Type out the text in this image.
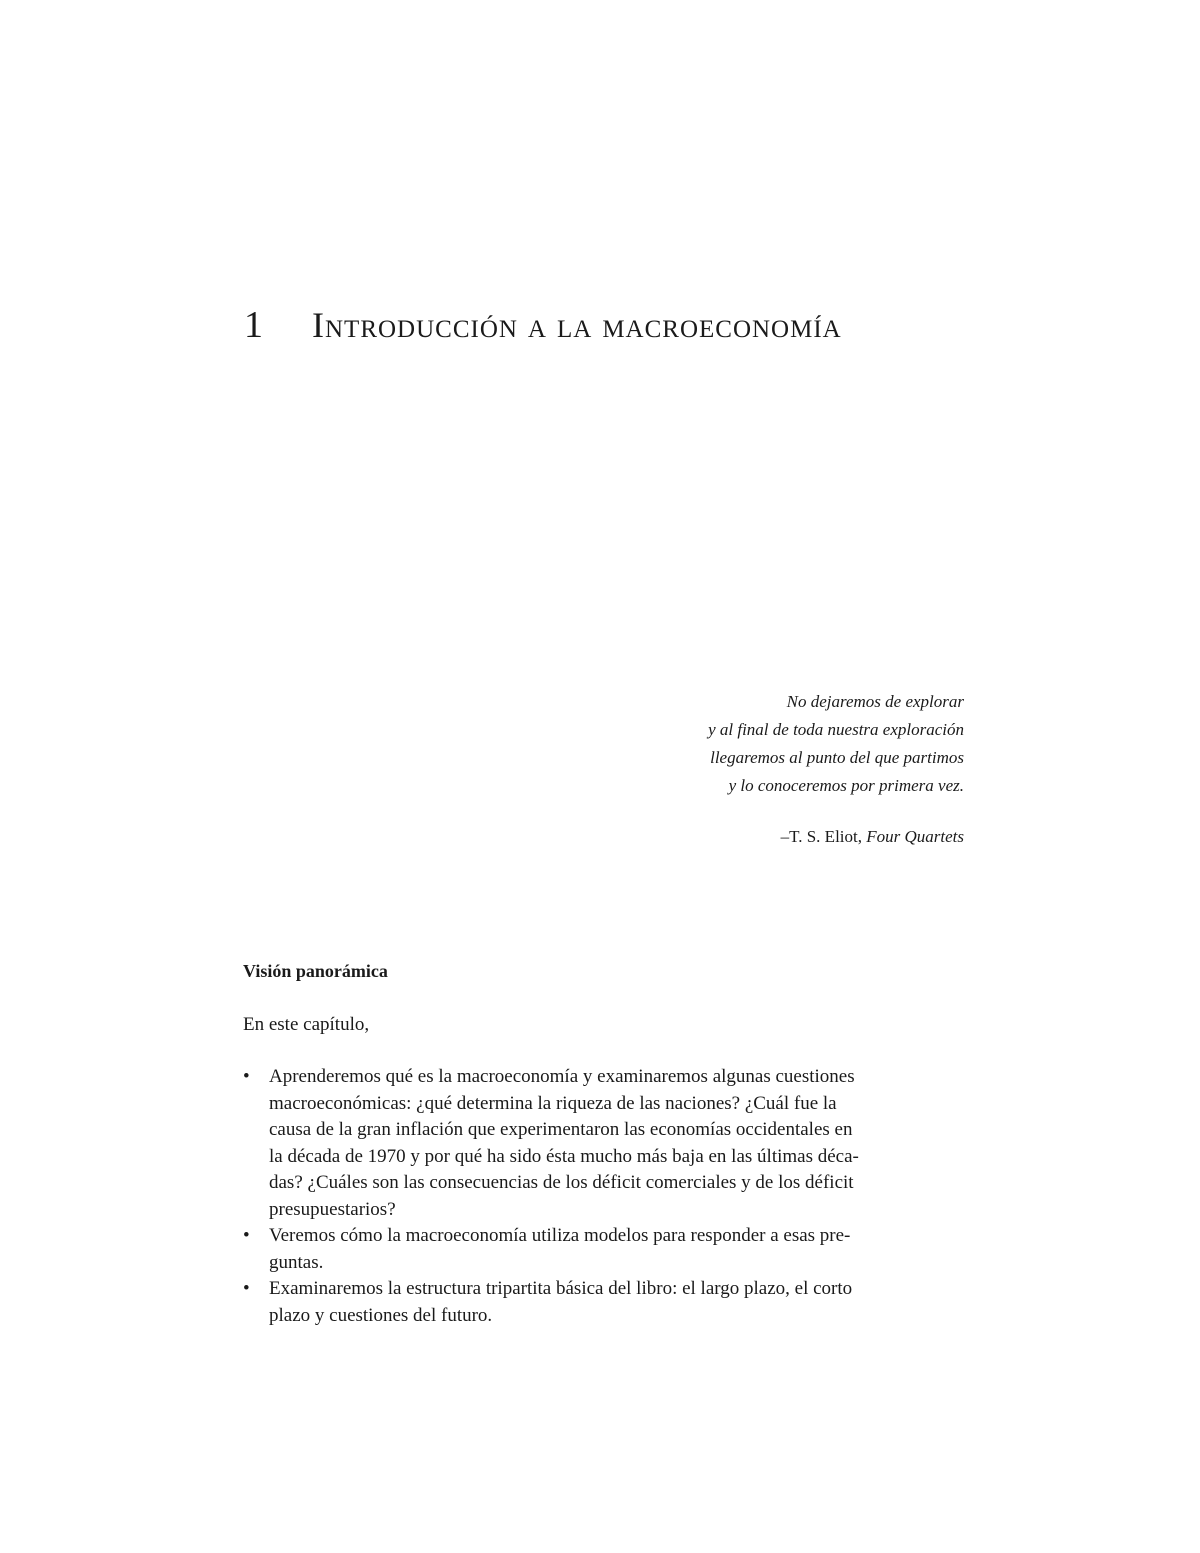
1 Introducción a la macroeconomía
No dejaremos de explorar
y al final de toda nuestra exploración
llegaremos al punto del que partimos
y lo conoceremos por primera vez.
–T. S. Eliot, Four Quartets
Visión panorámica
En este capítulo,
• Aprenderemos qué es la macroeconomía y examinaremos algunas cuestiones
macroeconómicas: ¿qué determina la riqueza de las naciones? ¿Cuál fue la
causa de la gran inflación que experimentaron las economías occidentales en
la década de 1970 y por qué ha sido ésta mucho más baja en las últimas déca-
das? ¿Cuáles son las consecuencias de los déficit comerciales y de los déficit
presupuestarios?
• Veremos cómo la macroeconomía utiliza modelos para responder a esas pre-
guntas.
• Examinaremos la estructura tripartita básica del libro: el largo plazo, el corto
plazo y cuestiones del futuro.
